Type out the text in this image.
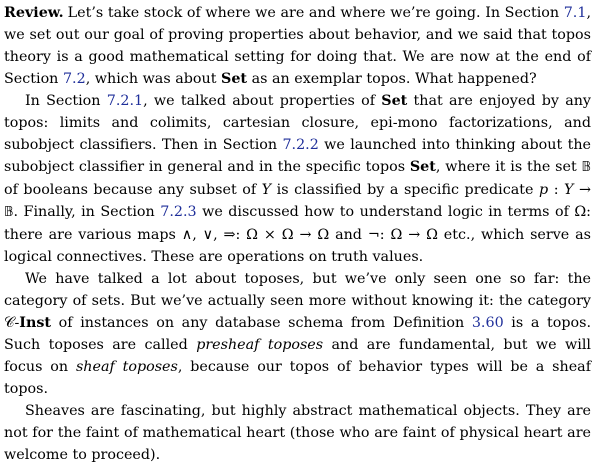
Review. Let’s take stock of where we are and where we’re going. In Section 7.1, we set out our goal of proving properties about behavior, and we said that topos theory is a good mathematical setting for doing that. We are now at the end of Section 7.2, which was about Set as an exemplar topos. What happened?

In Section 7.2.1, we talked about properties of Set that are enjoyed by any topos: limits and colimits, cartesian closure, epi-mono factorizations, and subobject classifiers. Then in Section 7.2.2 we launched into thinking about the subobject classifier in general and in the specific topos Set, where it is the set 𝔹 of booleans because any subset of Y is classified by a specific predicate p : Y → 𝔹. Finally, in Section 7.2.3 we discussed how to understand logic in terms of Ω: there are various maps ∧, ∨, ⇒: Ω × Ω → Ω and ¬: Ω → Ω etc., which serve as logical connectives. These are operations on truth values.

We have talked a lot about toposes, but we’ve only seen one so far: the category of sets. But we’ve actually seen more without knowing it: the category 𝒞-Inst of instances on any database schema from Definition 3.60 is a topos. Such toposes are called presheaf toposes and are fundamental, but we will focus on sheaf toposes, because our topos of behavior types will be a sheaf topos.

Sheaves are fascinating, but highly abstract mathematical objects. They are not for the faint of mathematical heart (those who are faint of physical heart are welcome to proceed).
